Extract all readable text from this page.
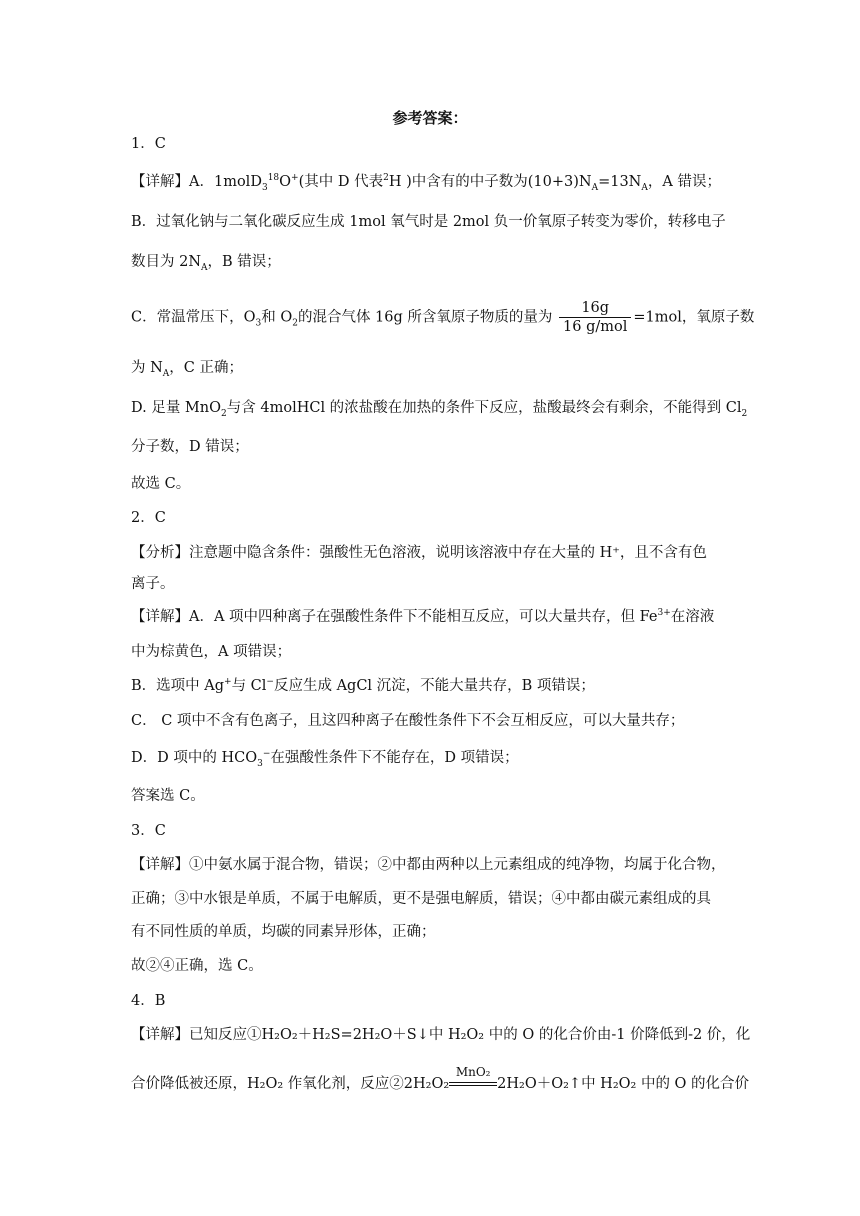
参考答案：
1．C
【详解】A．1molD$_3^{18}$O+(其中 D 代表$^2$H )中含有的中子数为$(10+3)N_A=13N_A$，A 错误；
B．过氧化钠与二氧化碳反应生成 1mol 氧气时是 2mol 负一价氧原子转变为零价，转移电子
数目为 $2N_A$，B 错误；
C．常温常压下，$O_3$和 $O_2$的混合气体 16g 所含氧原子物质的量为 $\frac{16g}{\text{16 g/mol}} =1mol$，氧原子数
为 $N_A$，C 正确；
D. 足量 MnO$_2$与含 4molHCl 的浓盐酸在加热的条件下反应，盐酸最终会有剩余，不能得到 $Cl_2$
分子数，D 错误；
故选 C。
2．C
【分析】注意题中隐含条件：强酸性无色溶液，说明该溶液中存在大量的 H⁺，且不含有色
离子。
【详解】A．A 项中四种离子在强酸性条件下不能相互反应，可以大量共存，但 $Fe^{3+}$在溶液
中为棕黄色，A 项错误；
B．选项中 Ag+与 Cl−反应生成 AgCl 沉淀，不能大量共存，B 项错误；
C． C 项中不含有色离子，且这四种离子在酸性条件下不会互相反应，可以大量共存；
D．D 项中的 $HCO_3^-$在强酸性条件下不能存在，D 项错误；
答案选 C。
3．C
【详解】①中氨水属于混合物，错误；②中都由两种以上元素组成的纯净物，均属于化合物，
正确；③中水银是单质，不属于电解质，更不是强电解质，错误；④中都由碳元素组成的具
有不同性质的单质，均碳的同素异形体，正确；
故②④正确，选 C。
4．B
【详解】已知反应①H₂O₂＋H₂S=2H₂O＋S↓中 H₂O₂ 中的 O 的化合价由-1 价降低到-2 价，化
合价降低被还原，H₂O₂ 作氧化剂，反应②2H₂O₂
MnO₂
2H₂O＋O₂↑中 H₂O₂ 中的 O 的化合价
